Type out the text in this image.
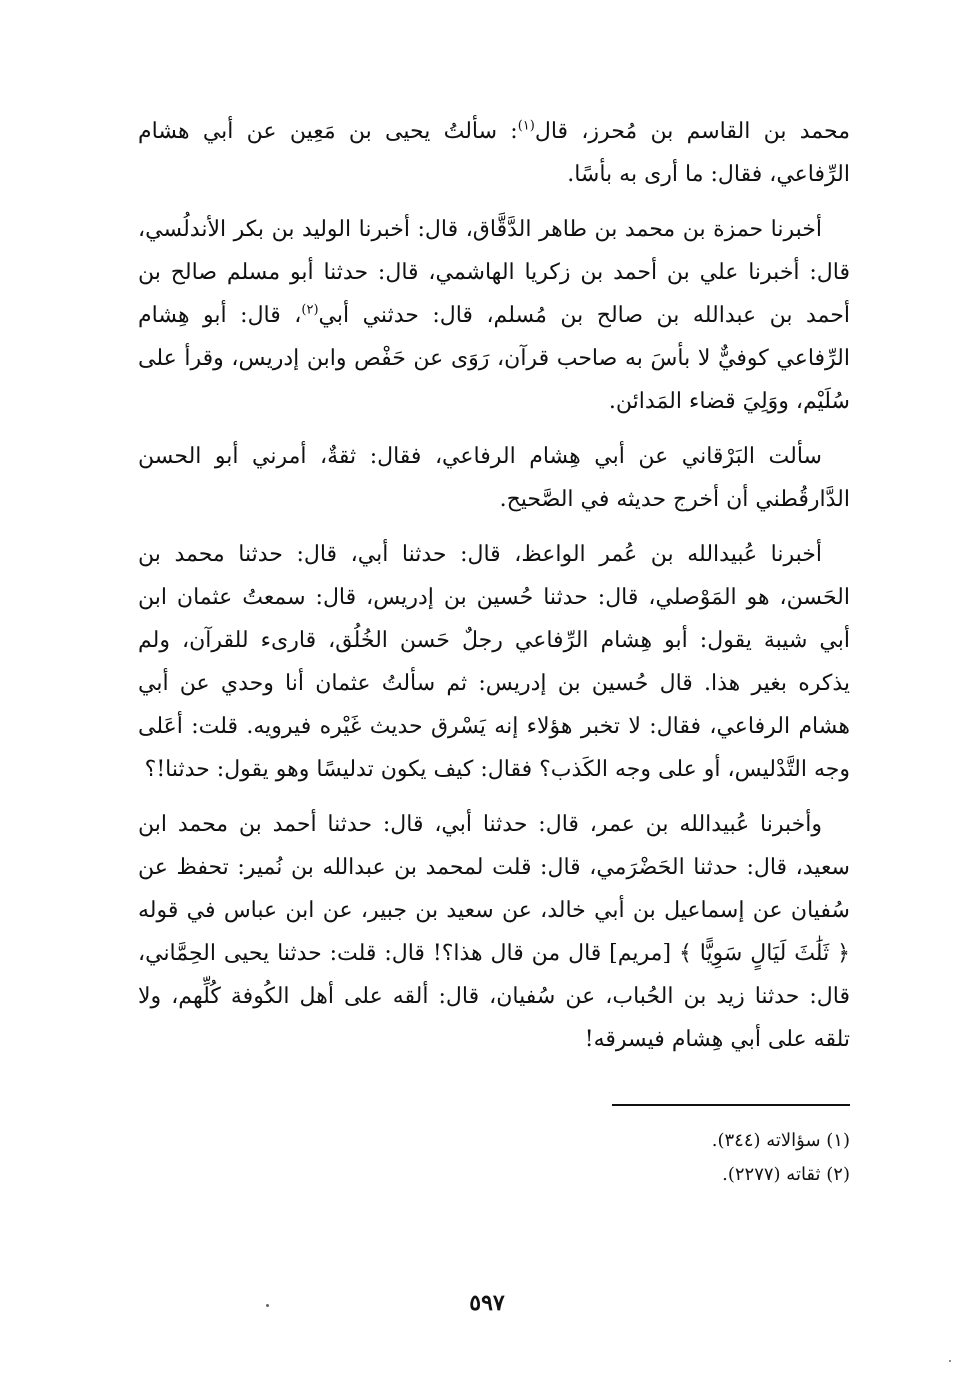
محمد بن القاسم بن مُحرز، قال$^{(١)}$: سألتُ يحيى بن مَعِين عن أبي هشام الرِّفاعي، فقال: ما أرى به بأسًا.

أخبرنا حمزة بن محمد بن طاهر الدَّقَّاق، قال: أخبرنا الوليد بن بكر الأندلُسي، قال: أخبرنا علي بن أحمد بن زكريا الهاشمي، قال: حدثنا أبو مسلم صالح بن أحمد بن عبدالله بن صالح بن مُسلم، قال: حدثني أبي$^{(٢)}$، قال: أبو هِشام الرِّفاعي كوفيٌّ لا بأسَ به صاحب قرآن، رَوَى عن حَفْص وابن إدريس، وقرأ على سُلَيْم، ووَلِيَ قضاء المَدائن.

سألت البَرْقاني عن أبي هِشام الرفاعي، فقال: ثقةٌ، أمرني أبو الحسن الدَّارقُطني أن أخرج حديثه في الصَّحيح.

أخبرنا عُبيدالله بن عُمر الواعظ، قال: حدثنا أبي، قال: حدثنا محمد بن الحَسن، هو المَوْصلي، قال: حدثنا حُسين بن إدريس، قال: سمعتُ عثمان ابن أبي شيبة يقول: أبو هِشام الرِّفاعي رجلٌ حَسن الخُلُق، قارىء للقرآن، ولم يذكره بغير هذا. قال حُسين بن إدريس: ثم سألتُ عثمان أنا وحدي عن أبي هشام الرفاعي، فقال: لا تخبر هؤلاء إنه يَسْرق حديث غَيْره فيرويه. قلت: أعَلى وجه التَّدْليس، أو على وجه الكَذب؟ فقال: كيف يكون تدليسًا وهو يقول: حدثنا!؟

وأخبرنا عُبيدالله بن عمر، قال: حدثنا أبي، قال: حدثنا أحمد بن محمد ابن سعيد، قال: حدثنا الحَضْرَمي، قال: قلت لمحمد بن عبدالله بن نُمير: تحفظ عن سُفيان عن إسماعيل بن أبي خالد، عن سعيد بن جبير، عن ابن عباس في قوله ﴿ ثَلَٰثَ لَيَالٍ سَوِيًّا ﴾ [مريم] قال من قال هذا؟! قال: قلت: حدثنا يحيى الحِمَّاني، قال: حدثنا زيد بن الحُباب، عن سُفيان، قال: ألقه على أهل الكُوفة كُلِّهم، ولا تلقه على أبي هِشام فيسرقه!

(١) سؤالاته (٣٤٤).

(٢) ثقاته (٢٢٧٧).

٥٩٧
